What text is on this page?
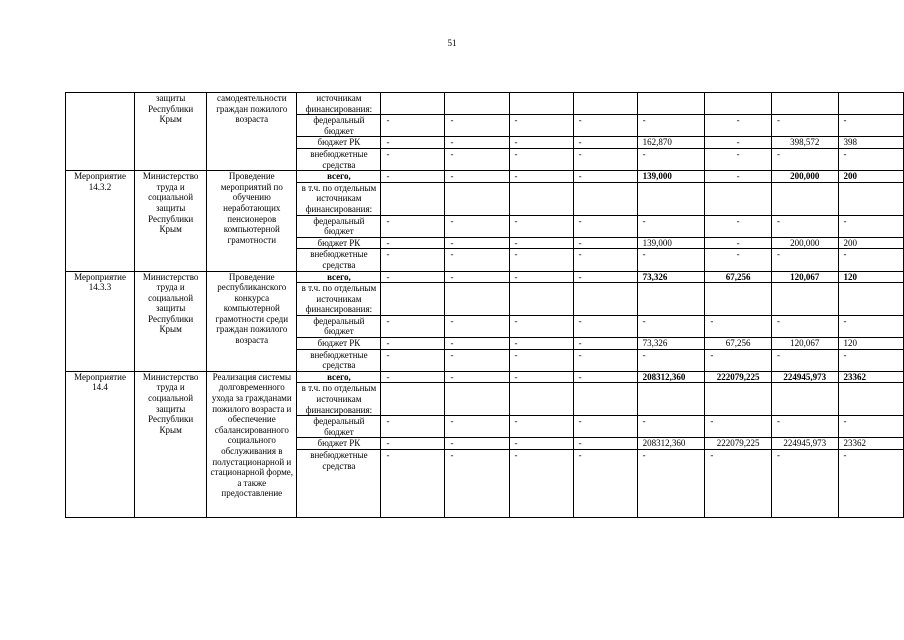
51
	защиты Республики Крым	самодеятельности граждан пожилого возраста	источникам финансирования:								
			федеральный бюджет	-	-	-	-	-	-	-	-
			бюджет РК	-	-	-	-	162,870	-	398,572	398
			внебюджетные средства	-	-	-	-	-	-	-	-
Мероприятие 14.3.2	Министерство труда и социальной защиты Республики Крым	Проведение мероприятий по обучению неработающих пенсионеров компьютерной грамотности	всего,	-	-	-	-	139,000	-	200,000	200
			в т.ч. по отдельным источникам финансирования:								
			федеральный бюджет	-	-	-	-	-	-	-	-
			бюджет РК	-	-	-	-	139,000	-	200,000	200
			внебюджетные средства	-	-	-	-	-	-	-	-
Мероприятие 14.3.3	Министерство труда и социальной защиты Республики Крым	Проведение республиканского конкурса компьютерной грамотности среди граждан пожилого возраста	всего,	-	-	-	-	73,326	67,256	120,067	120
			в т.ч. по отдельным источникам финансирования:								
			федеральный бюджет	-	-	-	-	-	-	-	-
			бюджет РК	-	-	-	-	73,326	67,256	120,067	120
			внебюджетные средства	-	-	-	-	-	-	-	-
Мероприятие 14.4	Министерство труда и социальной защиты Республики Крым	Реализация системы долговременного ухода за гражданами пожилого возраста и обеспечение сбалансированного социального обслуживания в полустационарной и стационарной форме, а также предоставление	всего,	-	-	-	-	208312,360	222079,225	224945,973	23362
			в т.ч. по отдельным источникам финансирования:								
			федеральный бюджет	-	-	-	-	-	-	-	-
			бюджет РК	-	-	-	-	208312,360	222079,225	224945,973	23362
			внебюджетные средства	-	-	-	-	-	-	-	-
